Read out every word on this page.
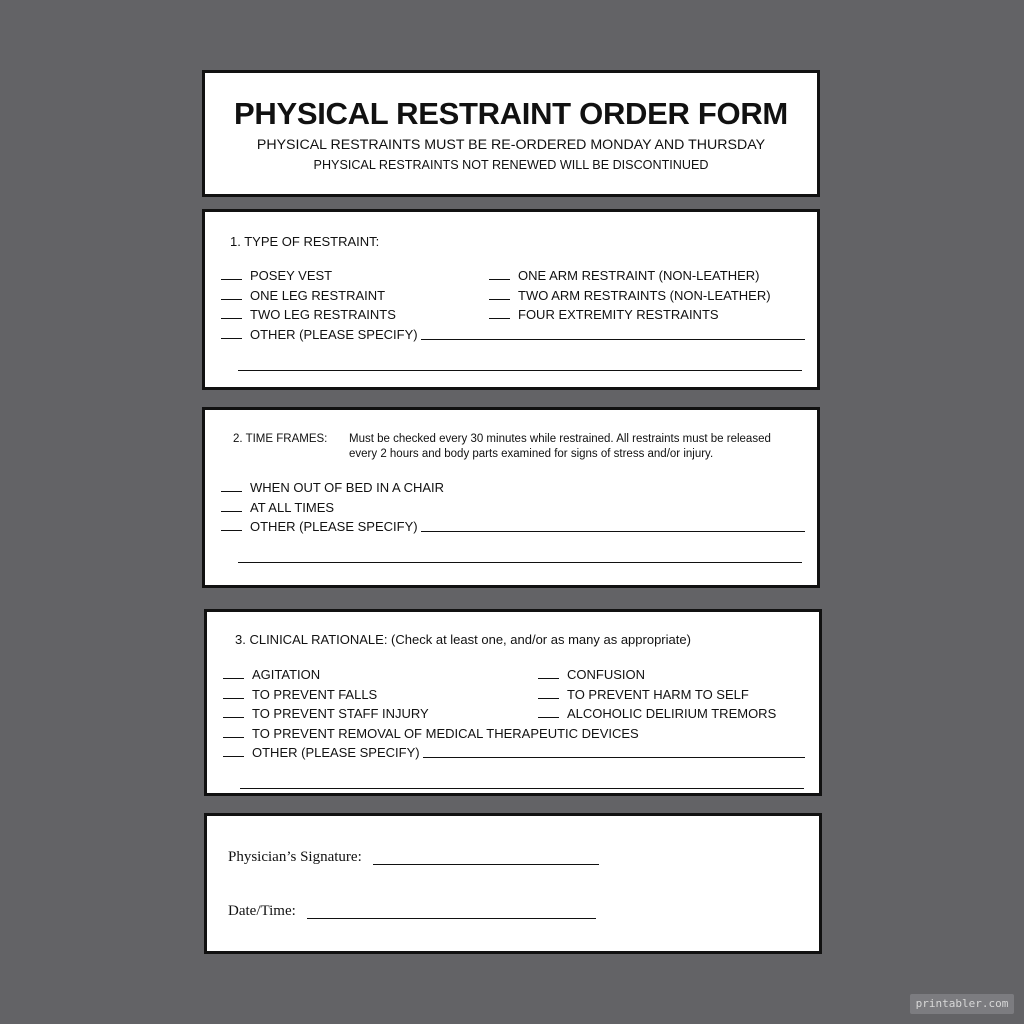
PHYSICAL RESTRAINT ORDER FORM
PHYSICAL RESTRAINTS MUST BE RE-ORDERED MONDAY AND THURSDAY
PHYSICAL RESTRAINTS NOT RENEWED WILL BE DISCONTINUED
1. TYPE OF RESTRAINT:
POSEY VEST
ONE LEG RESTRAINT
TWO LEG RESTRAINTS
ONE ARM RESTRAINT (NON-LEATHER)
TWO ARM RESTRAINTS (NON-LEATHER)
FOUR EXTREMITY RESTRAINTS
OTHER (PLEASE SPECIFY)
2. TIME FRAMES: Must be checked every 30 minutes while restrained. All restraints must be released
every 2 hours and body parts examined for signs of stress and/or injury.
WHEN OUT OF BED IN A CHAIR
AT ALL TIMES
OTHER (PLEASE SPECIFY)
3. CLINICAL RATIONALE: (Check at least one, and/or as many as appropriate)
AGITATION
TO PREVENT FALLS
TO PREVENT STAFF INJURY
TO PREVENT REMOVAL OF MEDICAL THERAPEUTIC DEVICES
CONFUSION
TO PREVENT HARM TO SELF
ALCOHOLIC DELIRIUM TREMORS
OTHER (PLEASE SPECIFY)
Physician’s Signature:
Date/Time:
printabler.com
